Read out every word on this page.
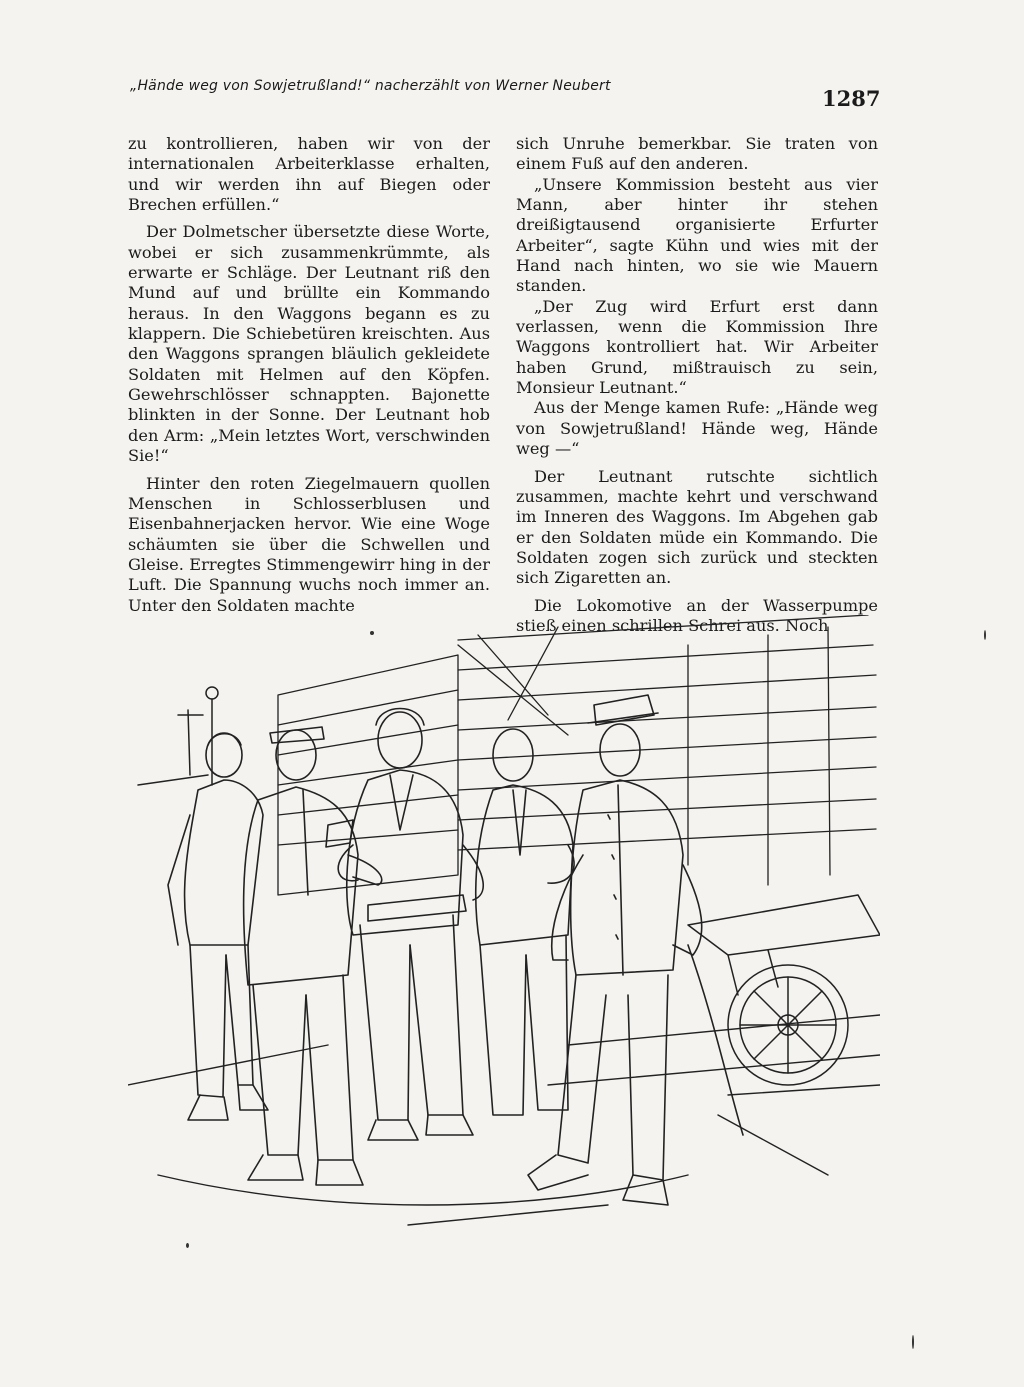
„Hände weg von Sowjetrußland!“ nacherzählt von Werner Neubert	1287

zu kontrollieren, haben wir von der internationalen Arbeiterklasse erhalten, und wir werden ihn auf Biegen oder Brechen erfüllen.“

Der Dolmetscher übersetzte diese Worte, wobei er sich zusammenkrümmte, als erwarte er Schläge. Der Leutnant riß den Mund auf und brüllte ein Kommando heraus. In den Waggons begann es zu klappern. Die Schiebetüren kreischten. Aus den Waggons sprangen bläulich gekleidete Soldaten mit Helmen auf den Köpfen. Gewehrschlösser schnappten. Bajonette blinkten in der Sonne. Der Leutnant hob den Arm: „Mein letztes Wort, verschwinden Sie!“

Hinter den roten Ziegelmauern quollen Menschen in Schlosserblusen und Eisenbahnerjacken hervor. Wie eine Woge schäumten sie über die Schwellen und Gleise. Erregtes Stimmengewirr hing in der Luft. Die Spannung wuchs noch immer an. Unter den Soldaten machte

sich Unruhe bemerkbar. Sie traten von einem Fuß auf den anderen.

„Unsere Kommission besteht aus vier Mann, aber hinter ihr stehen dreißigtausend organisierte Erfurter Arbeiter“, sagte Kühn und wies mit der Hand nach hinten, wo sie wie Mauern standen.

„Der Zug wird Erfurt erst dann verlassen, wenn die Kommission Ihre Waggons kontrolliert hat. Wir Arbeiter haben Grund, mißtrauisch zu sein, Monsieur Leutnant.“

Aus der Menge kamen Rufe: „Hände weg von Sowjetrußland! Hände weg, Hände weg —“

Der Leutnant rutschte sichtlich zusammen, machte kehrt und verschwand im Inneren des Waggons. Im Abgehen gab er den Soldaten müde ein Kommando. Die Soldaten zogen sich zurück und steckten sich Zigaretten an.

Die Lokomotive an der Wasserpumpe stieß einen schrillen Schrei aus. Noch
